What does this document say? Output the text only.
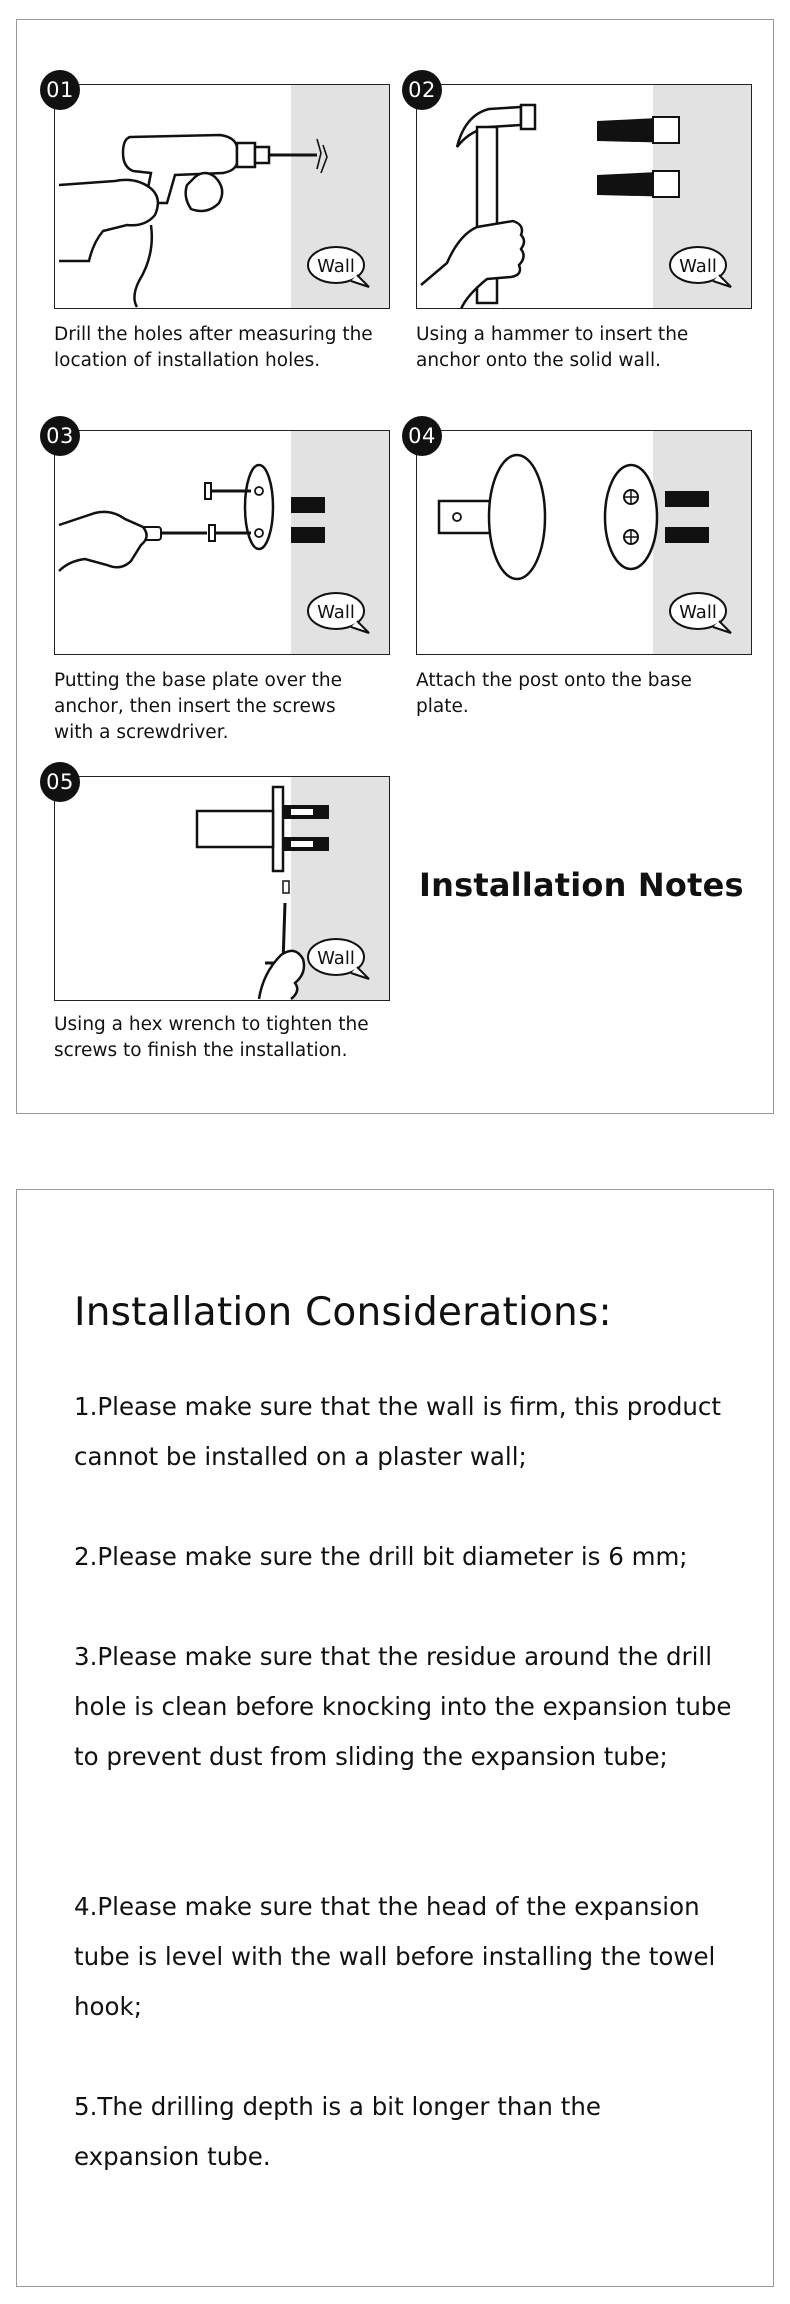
Wall
01
Drill the holes after measuring the location of installation holes.
Wall
02
Using a hammer to insert the anchor onto the solid wall.
Wall
03
Putting the base plate over the anchor, then insert the screws with a screwdriver.
Wall
04
Attach the post onto the base plate.
Wall
05
Using a hex wrench to tighten the screws to finish the installation.
Installation Notes
Installation Considerations:
1.Please make sure that the wall is firm, this product cannot be installed on a plaster wall;
2.Please make sure the drill bit diameter is 6 mm;
3.Please make sure that the residue around the drill hole is clean before knocking into the expansion tube to prevent dust from sliding the expansion tube;
4.Please make sure that the head of the expansion tube is level with the wall before installing the towel hook;
5.The drilling depth is a bit longer than the expansion tube.
